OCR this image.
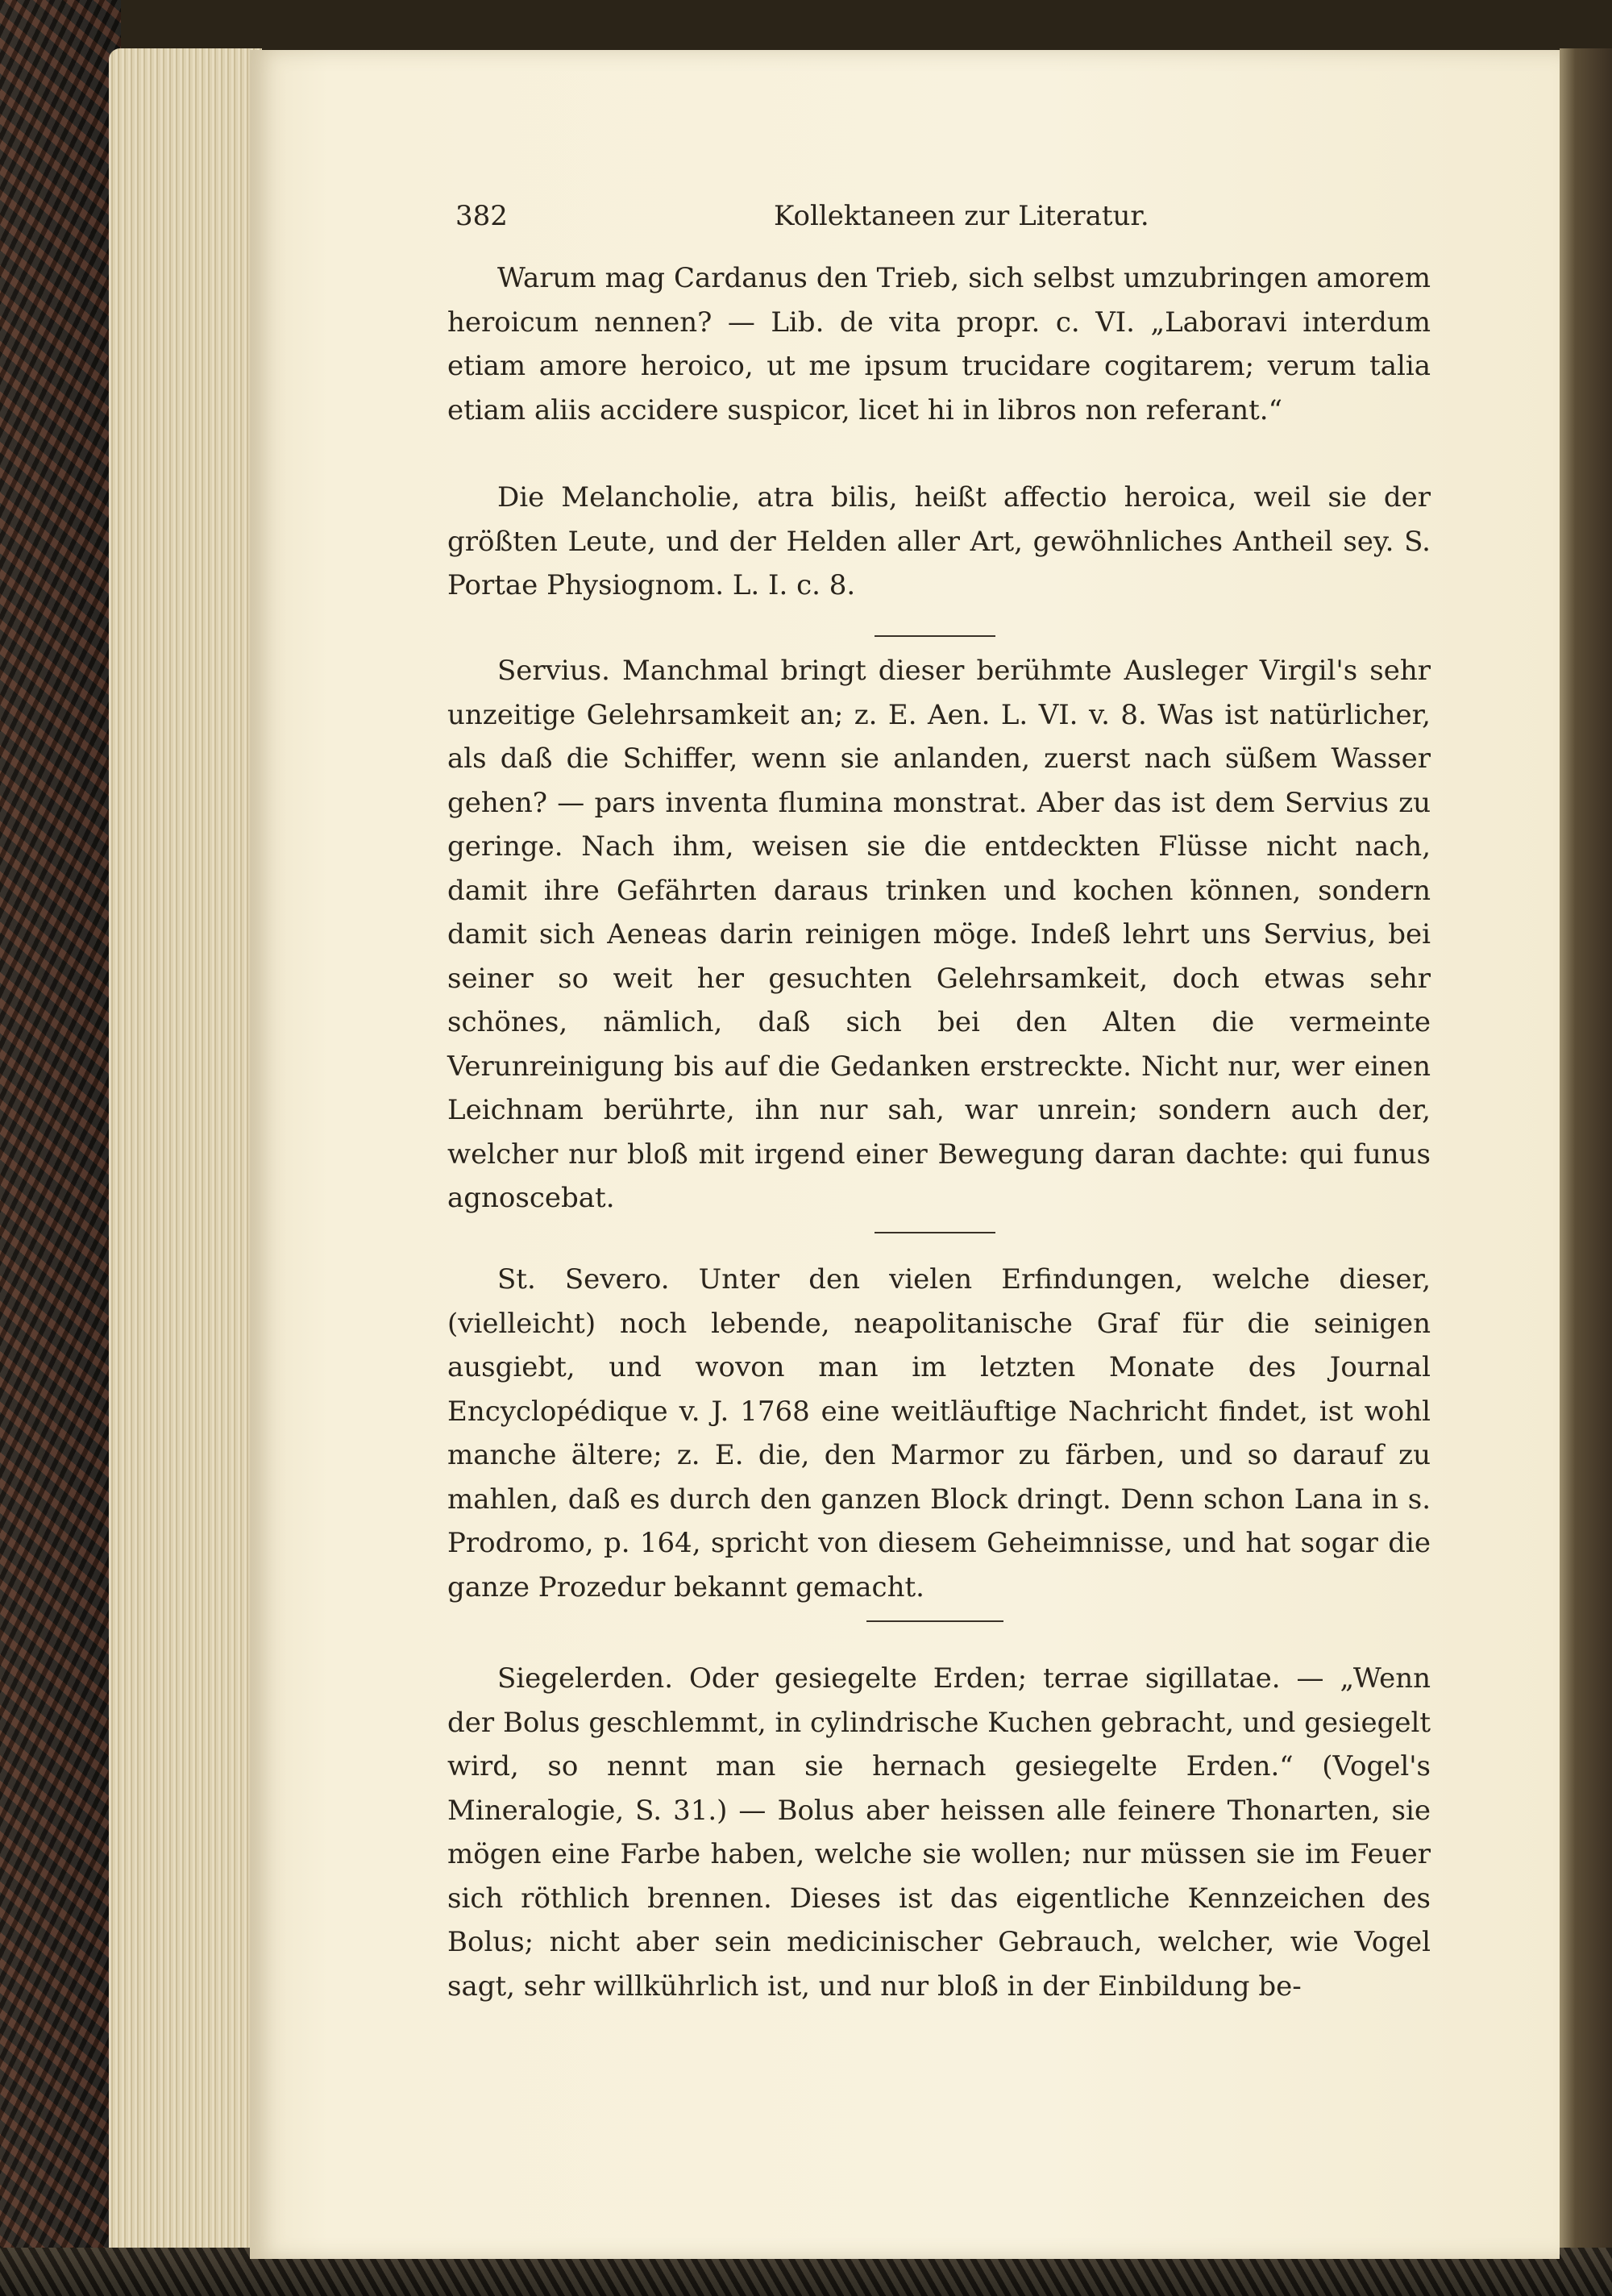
382	Kollektaneen zur Literatur.

Warum mag Cardanus den Trieb, sich selbst umzubringen amorem heroicum nennen? — Lib. de vita propr. c. VI. „Laboravi interdum etiam amore heroico, ut me ipsum trucidare cogitarem; verum talia etiam aliis accidere suspicor, licet hi in libros non referant.“

Die Melancholie, atra bilis, heißt affectio heroica, weil sie der größten Leute, und der Helden aller Art, gewöhnliches Antheil sey. S. Portae Physiognom. L. I. c. 8.

Servius. Manchmal bringt dieser berühmte Ausleger Virgil's sehr unzeitige Gelehrsamkeit an; z. E. Aen. L. VI. v. 8. Was ist natürlicher, als daß die Schiffer, wenn sie anlanden, zuerst nach süßem Wasser gehen? — pars inventa flumina monstrat. Aber das ist dem Servius zu geringe. Nach ihm, weisen sie die entdeckten Flüsse nicht nach, damit ihre Gefährten daraus trinken und kochen können, sondern damit sich Aeneas darin reinigen möge. Indeß lehrt uns Servius, bei seiner so weit her gesuchten Gelehrsamkeit, doch etwas sehr schönes, nämlich, daß sich bei den Alten die vermeinte Verunreinigung bis auf die Gedanken erstreckte. Nicht nur, wer einen Leichnam berührte, ihn nur sah, war unrein; sondern auch der, welcher nur bloß mit irgend einer Bewegung daran dachte: qui funus agnoscebat.

St. Severo. Unter den vielen Erfindungen, welche dieser, (vielleicht) noch lebende, neapolitanische Graf für die seinigen ausgiebt, und wovon man im letzten Monate des Journal Encyclopédique v. J. 1768 eine weitläuftige Nachricht findet, ist wohl manche ältere; z. E. die, den Marmor zu färben, und so darauf zu mahlen, daß es durch den ganzen Block dringt. Denn schon Lana in s. Prodromo, p. 164, spricht von diesem Geheimnisse, und hat sogar die ganze Prozedur bekannt gemacht.

Siegelerden. Oder gesiegelte Erden; terrae sigillatae. — „Wenn der Bolus geschlemmt, in cylindrische Kuchen gebracht, und gesiegelt wird, so nennt man sie hernach gesiegelte Erden.“ (Vogel's Mineralogie, S. 31.) — Bolus aber heissen alle feinere Thonarten, sie mögen eine Farbe haben, welche sie wollen; nur müssen sie im Feuer sich röthlich brennen. Dieses ist das eigentliche Kennzeichen des Bolus; nicht aber sein medicinischer Gebrauch, welcher, wie Vogel sagt, sehr willkührlich ist, und nur bloß in der Einbildung be-
